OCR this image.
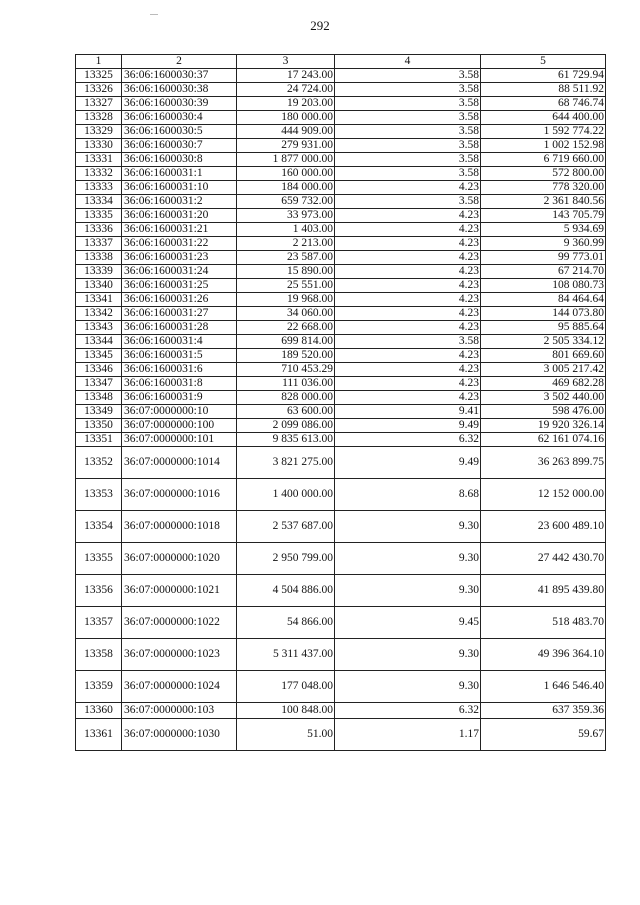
292
1	2	3	4	5
13325	36:06:1600030:37	17 243.00	3.58	61 729.94
13326	36:06:1600030:38	24 724.00	3.58	88 511.92
13327	36:06:1600030:39	19 203.00	3.58	68 746.74
13328	36:06:1600030:4	180 000.00	3.58	644 400.00
13329	36:06:1600030:5	444 909.00	3.58	1 592 774.22
13330	36:06:1600030:7	279 931.00	3.58	1 002 152.98
13331	36:06:1600030:8	1 877 000.00	3.58	6 719 660.00
13332	36:06:1600031:1	160 000.00	3.58	572 800.00
13333	36:06:1600031:10	184 000.00	4.23	778 320.00
13334	36:06:1600031:2	659 732.00	3.58	2 361 840.56
13335	36:06:1600031:20	33 973.00	4.23	143 705.79
13336	36:06:1600031:21	1 403.00	4.23	5 934.69
13337	36:06:1600031:22	2 213.00	4.23	9 360.99
13338	36:06:1600031:23	23 587.00	4.23	99 773.01
13339	36:06:1600031:24	15 890.00	4.23	67 214.70
13340	36:06:1600031:25	25 551.00	4.23	108 080.73
13341	36:06:1600031:26	19 968.00	4.23	84 464.64
13342	36:06:1600031:27	34 060.00	4.23	144 073.80
13343	36:06:1600031:28	22 668.00	4.23	95 885.64
13344	36:06:1600031:4	699 814.00	3.58	2 505 334.12
13345	36:06:1600031:5	189 520.00	4.23	801 669.60
13346	36:06:1600031:6	710 453.29	4.23	3 005 217.42
13347	36:06:1600031:8	111 036.00	4.23	469 682.28
13348	36:06:1600031:9	828 000.00	4.23	3 502 440.00
13349	36:07:0000000:10	63 600.00	9.41	598 476.00
13350	36:07:0000000:100	2 099 086.00	9.49	19 920 326.14
13351	36:07:0000000:101	9 835 613.00	6.32	62 161 074.16
13352	36:07:0000000:1014	3 821 275.00	9.49	36 263 899.75
13353	36:07:0000000:1016	1 400 000.00	8.68	12 152 000.00
13354	36:07:0000000:1018	2 537 687.00	9.30	23 600 489.10
13355	36:07:0000000:1020	2 950 799.00	9.30	27 442 430.70
13356	36:07:0000000:1021	4 504 886.00	9.30	41 895 439.80
13357	36:07:0000000:1022	54 866.00	9.45	518 483.70
13358	36:07:0000000:1023	5 311 437.00	9.30	49 396 364.10
13359	36:07:0000000:1024	177 048.00	9.30	1 646 546.40
13360	36:07:0000000:103	100 848.00	6.32	637 359.36
13361	36:07:0000000:1030	51.00	1.17	59.67
